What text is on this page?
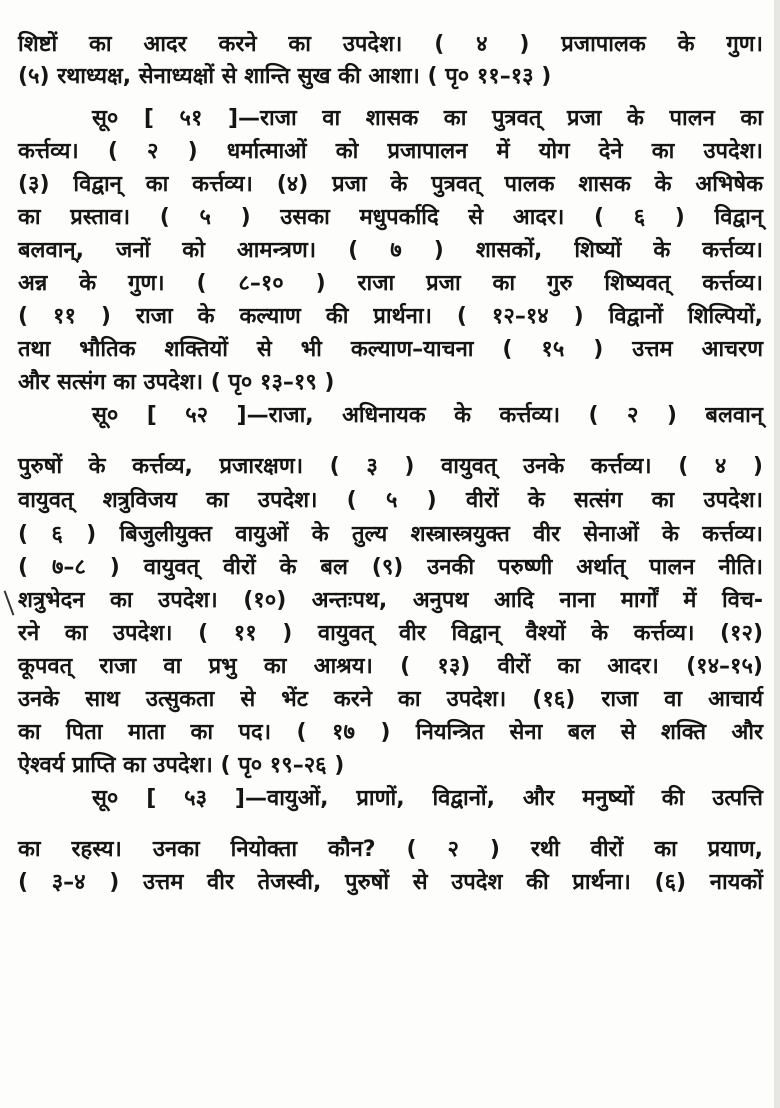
शिष्टों का आदर करने का उपदेश। ( ४ ) प्रजापालक के गुण।
(५) रथाध्यक्ष, सेनाध्यक्षों से शान्ति सुख की आशा। ( पृ० ११–१३ )
सू० [ ५१ ]—राजा वा शासक का पुत्रवत् प्रजा के पालन का
कर्त्तव्य। ( २ ) धर्मात्माओं को प्रजापालन में योग देने का उपदेश।
(३) विद्वान् का कर्त्तव्य। (४) प्रजा के पुत्रवत् पालक शासक के अभिषेक
का प्रस्ताव। ( ५ ) उसका मधुपर्कादि से आदर। ( ६ ) विद्वान्
बलवान्, जनों को आमन्त्रण। ( ७ ) शासकों, शिष्यों के कर्त्तव्य।
अन्न के गुण। ( ८–१० ) राजा प्रजा का गुरु शिष्यवत् कर्त्तव्य।
( ११ ) राजा के कल्याण की प्रार्थना। ( १२–१४ ) विद्वानों शिल्पियों,
तथा भौतिक शक्तियों से भी कल्याण–याचना ( १५ ) उत्तम आचरण
और सत्संग का उपदेश। ( पृ० १३–१९ )
सू० [ ५२ ]—राजा, अधिनायक के कर्त्तव्य। ( २ ) बलवान्
पुरुषों के कर्त्तव्य, प्रजारक्षण। ( ३ ) वायुवत् उनके कर्त्तव्य। ( ४ )
वायुवत् शत्रुविजय का उपदेश। ( ५ ) वीरों के सत्संग का उपदेश।
( ६ ) बिजुलीयुक्त वायुओं के तुल्य शस्त्रास्त्रयुक्त वीर सेनाओं के कर्त्तव्य।
( ७–८ ) वायुवत् वीरों के बल (९) उनकी परुष्णी अर्थात् पालन नीति।
शत्रुभेदन का उपदेश। (१०) अन्तःपथ, अनुपथ आदि नाना मार्गों में विच-
रने का उपदेश। ( ११ ) वायुवत् वीर विद्वान् वैश्यों के कर्त्तव्य। (१२)
कूपवत् राजा वा प्रभु का आश्रय। ( १३) वीरों का आदर। (१४–१५)
उनके साथ उत्सुकता से भेंट करने का उपदेश। (१६) राजा वा आचार्य
का पिता माता का पद। ( १७ ) नियन्त्रित सेना बल से शक्ति और
ऐश्वर्य प्राप्ति का उपदेश। ( पृ० १९–२६ )
सू० [ ५३ ]—वायुओं, प्राणों, विद्वानों, और मनुष्यों की उत्पत्ति
का रहस्य। उनका नियोक्ता कौन? ( २ ) रथी वीरों का प्रयाण,
( ३–४ ) उत्तम वीर तेजस्वी, पुरुषों से उपदेश की प्रार्थना। (६) नायकों
